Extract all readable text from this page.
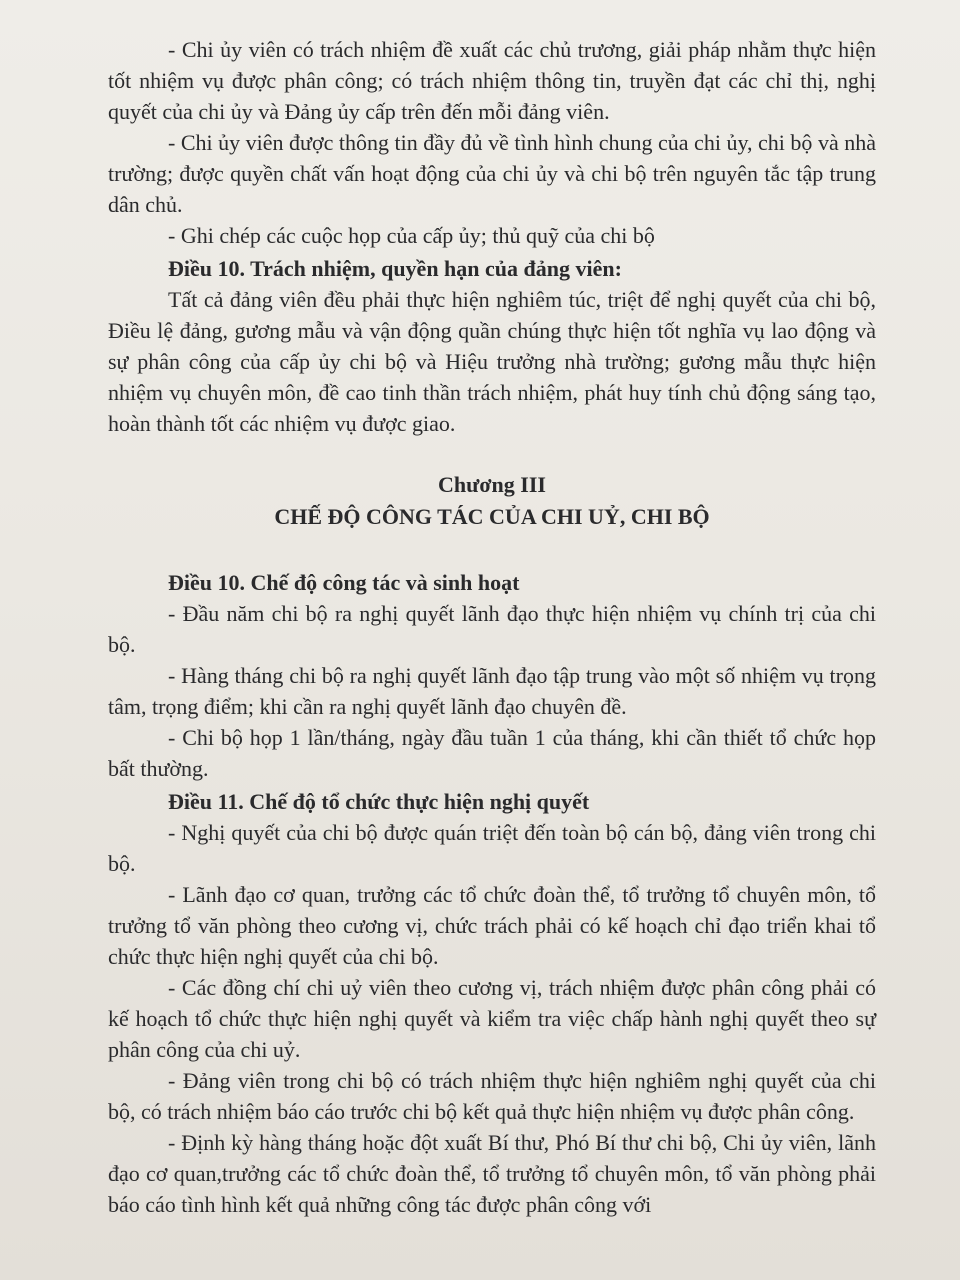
- Chi ủy viên có trách nhiệm đề xuất các chủ trương, giải pháp nhằm thực hiện tốt nhiệm vụ được phân công; có trách nhiệm thông tin, truyền đạt các chỉ thị, nghị quyết của chi ủy và Đảng ủy cấp trên đến mỗi đảng viên.

- Chi ủy viên được thông tin đầy đủ về tình hình chung của chi ủy, chi bộ và nhà trường; được quyền chất vấn hoạt động của chi ủy và chi bộ trên nguyên tắc tập trung dân chủ.

- Ghi chép các cuộc họp của cấp ủy; thủ quỹ của chi bộ

Điều 10. Trách nhiệm, quyền hạn của đảng viên:

Tất cả đảng viên đều phải thực hiện nghiêm túc, triệt để nghị quyết của chi bộ, Điều lệ đảng, gương mẫu và vận động quần chúng thực hiện tốt nghĩa vụ lao động và sự phân công của cấp ủy chi bộ và Hiệu trưởng nhà trường; gương mẫu thực hiện nhiệm vụ chuyên môn, đề cao tinh thần trách nhiệm, phát huy tính chủ động sáng tạo, hoàn thành tốt các nhiệm vụ được giao.

Chương III

CHẾ ĐỘ CÔNG TÁC CỦA CHI UỶ, CHI BỘ

Điều 10. Chế độ công tác và sinh hoạt

- Đầu năm chi bộ ra nghị quyết lãnh đạo thực hiện nhiệm vụ chính trị của chi bộ.

- Hàng tháng chi bộ ra nghị quyết lãnh đạo tập trung vào một số nhiệm vụ trọng tâm, trọng điểm; khi cần ra nghị quyết lãnh đạo chuyên đề.

- Chi bộ họp 1 lần/tháng, ngày đầu tuần 1 của tháng, khi cần thiết tổ chức họp bất thường.

Điều 11. Chế độ tổ chức thực hiện nghị quyết

- Nghị quyết của chi bộ được quán triệt đến toàn bộ cán bộ, đảng viên trong chi bộ.

- Lãnh đạo cơ quan, trưởng các tổ chức đoàn thể, tổ trưởng tổ chuyên môn, tổ trưởng tổ văn phòng theo cương vị, chức trách phải có kế hoạch chỉ đạo triển khai tổ chức thực hiện nghị quyết của chi bộ.

- Các đồng chí chi uỷ viên theo cương vị, trách nhiệm được phân công phải có kế hoạch tổ chức thực hiện nghị quyết và kiểm tra việc chấp hành nghị quyết theo sự phân công của chi uỷ.

- Đảng viên trong chi bộ có trách nhiệm thực hiện nghiêm nghị quyết của chi bộ, có trách nhiệm báo cáo trước chi bộ kết quả thực hiện nhiệm vụ được phân công.

- Định kỳ hàng tháng hoặc đột xuất Bí thư, Phó Bí thư chi bộ, Chi ủy viên, lãnh đạo cơ quan,trưởng các tổ chức đoàn thể, tổ trưởng tổ chuyên môn, tổ văn phòng phải báo cáo tình hình kết quả những công tác được phân công với
